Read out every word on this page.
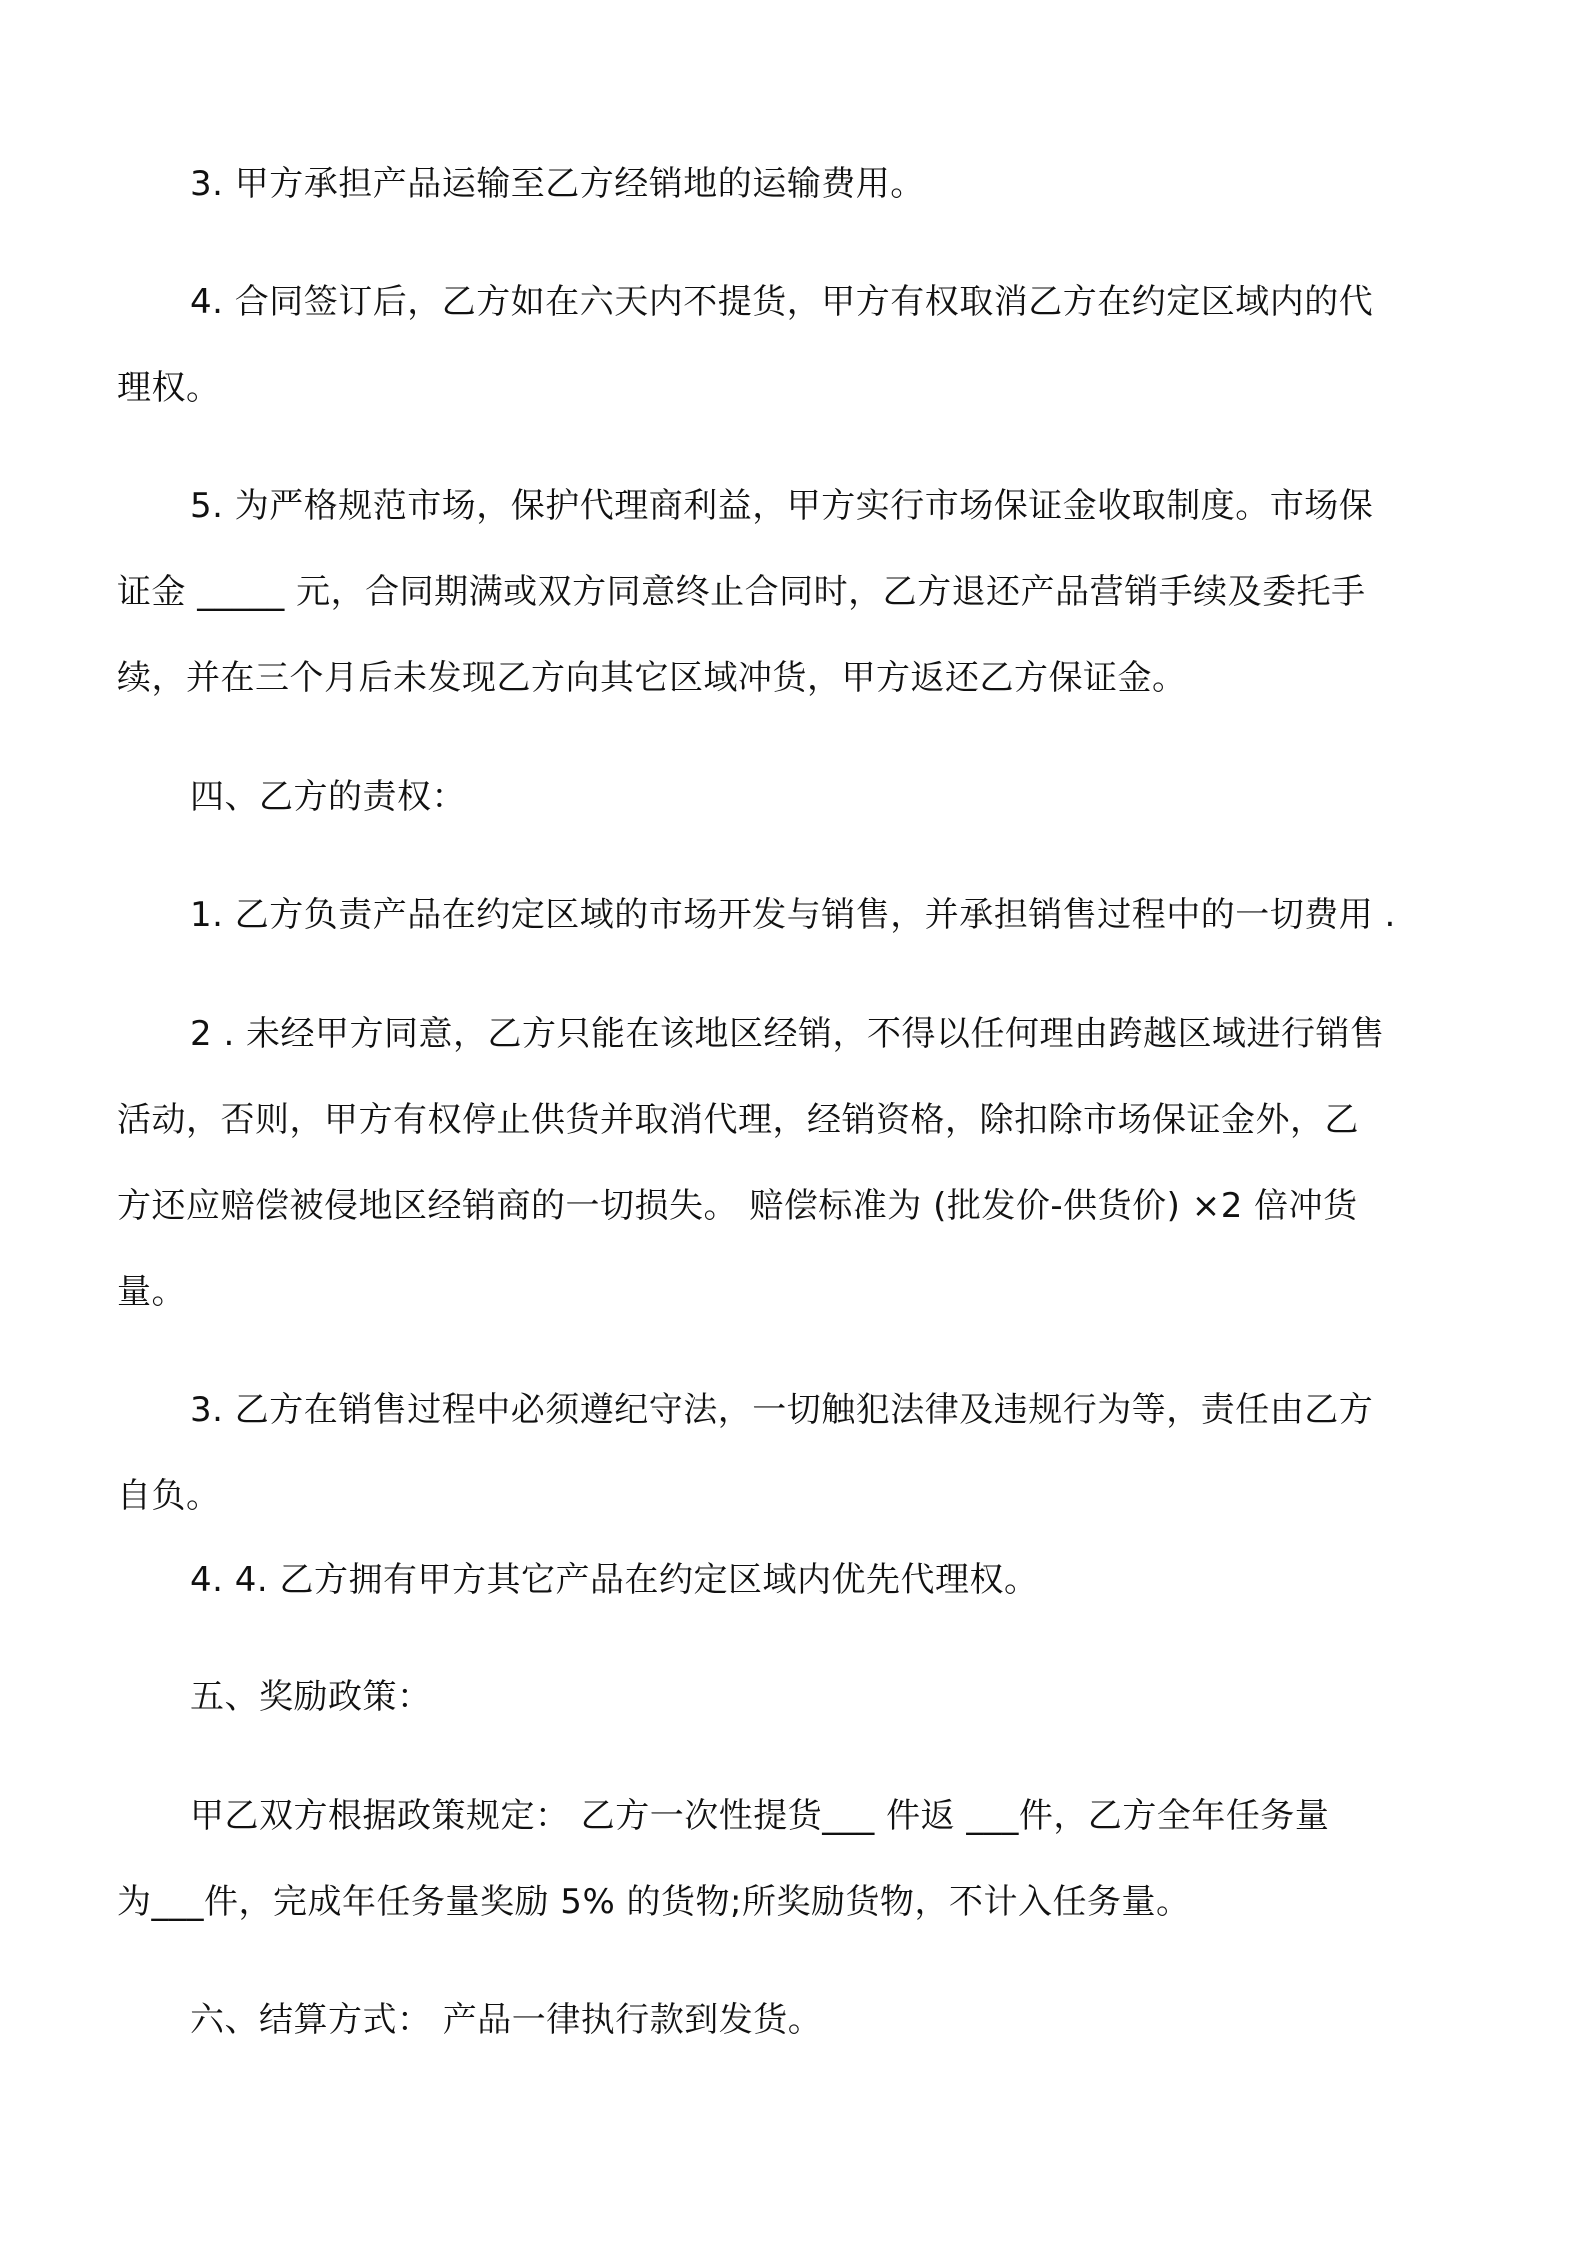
3. 甲方承担产品运输至乙方经销地的运输费用。
4. 合同签订后，乙方如在六天内不提货，甲方有权取消乙方在约定区域内的代
理权。
5. 为严格规范市场，保护代理商利益，甲方实行市场保证金收取制度。市场保
证金 _____ 元，合同期满或双方同意终止合同时，乙方退还产品营销手续及委托手
续，并在三个月后未发现乙方向其它区域冲货，甲方返还乙方保证金。
四、乙方的责权：
1. 乙方负责产品在约定区域的市场开发与销售，并承担销售过程中的一切费用 .
2 . 未经甲方同意，乙方只能在该地区经销，不得以任何理由跨越区域进行销售
活动，否则，甲方有权停止供货并取消代理，经销资格，除扣除市场保证金外，乙
方还应赔偿被侵地区经销商的一切损失。 赔偿标准为 (批发价-供货价) ×2 倍冲货
量。
3. 乙方在销售过程中必须遵纪守法，一切触犯法律及违规行为等，责任由乙方
自负。
4. 4. 乙方拥有甲方其它产品在约定区域内优先代理权。
五、奖励政策：
甲乙双方根据政策规定： 乙方一次性提货___ 件返 ___件，乙方全年任务量
为___件，完成年任务量奖励 5% 的货物;所奖励货物，不计入任务量。
六、结算方式： 产品一律执行款到发货。
